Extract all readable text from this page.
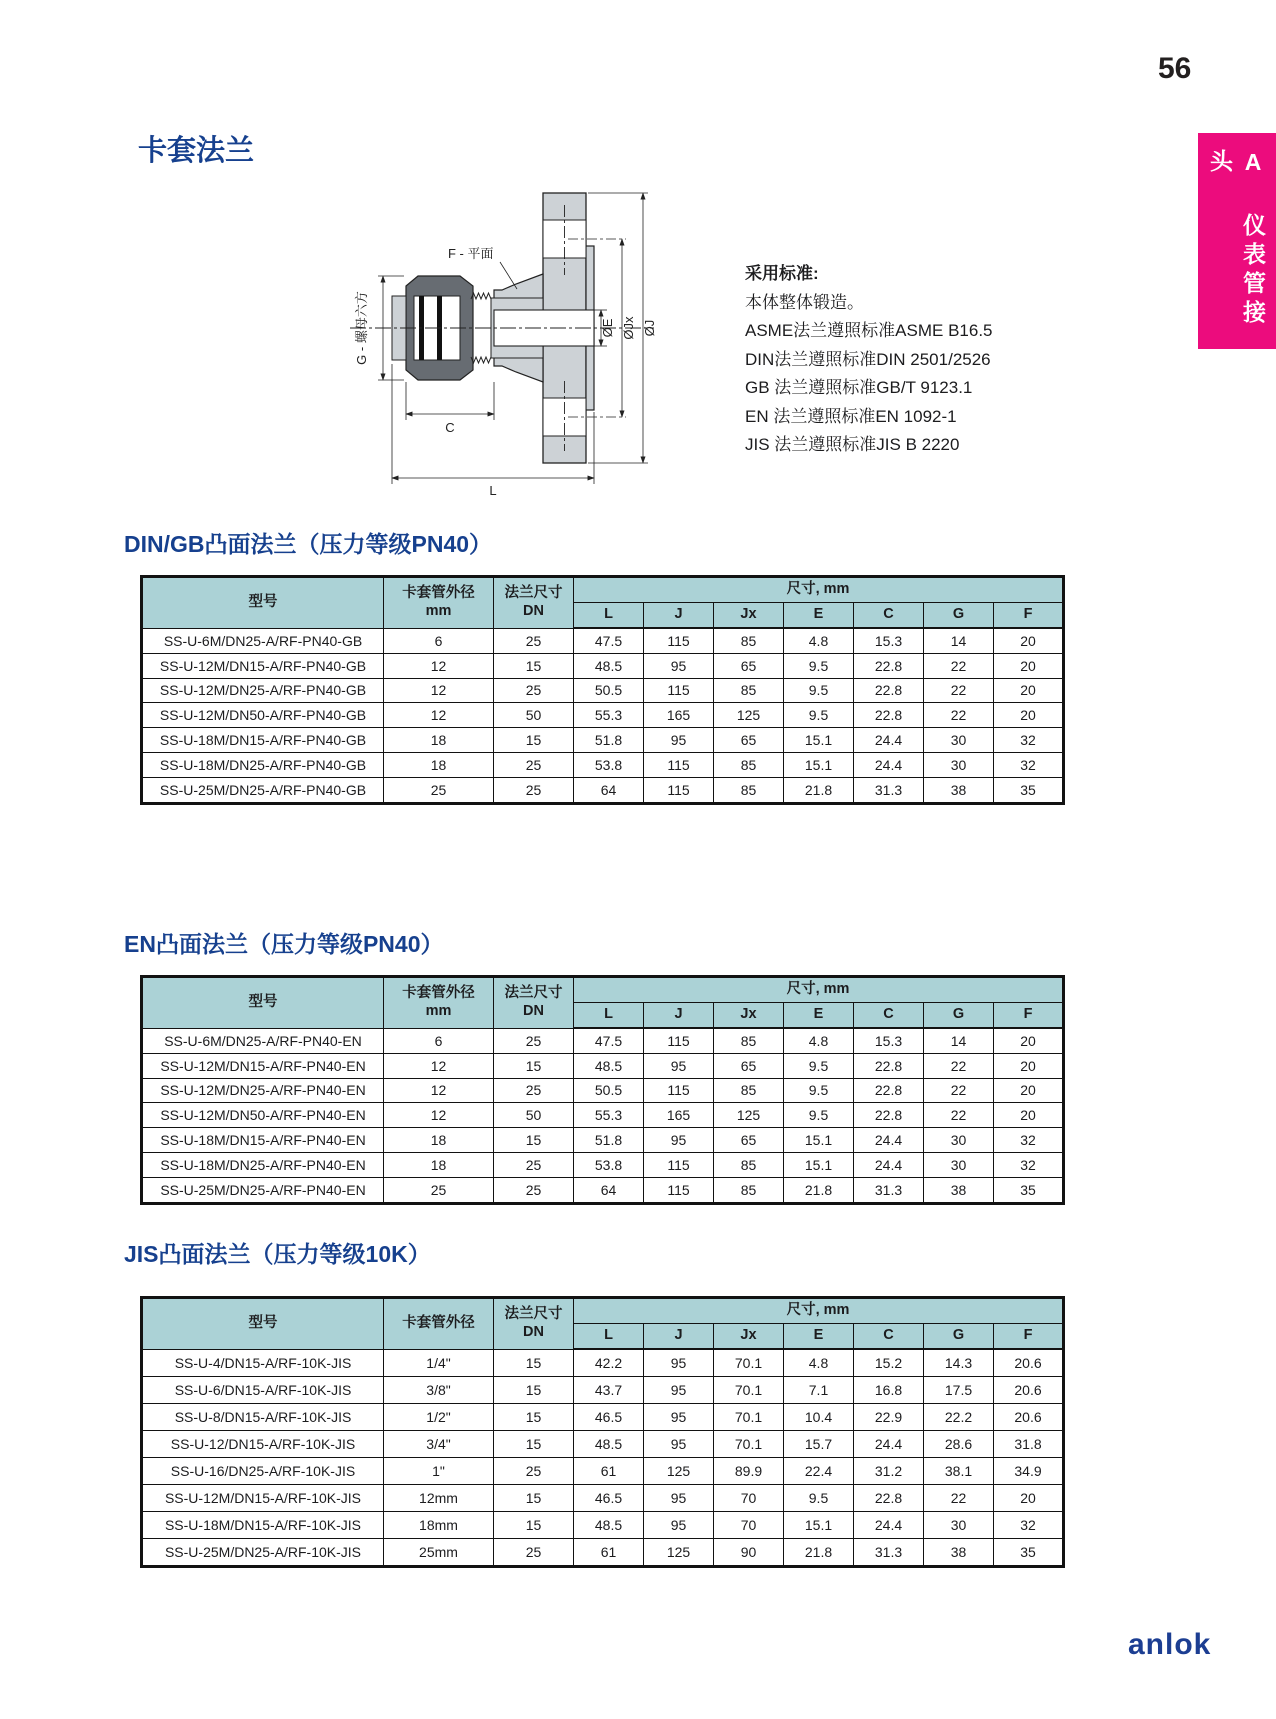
56
A 仪表管接头
卡套法兰
G - 螺母六方
C
F - 平面
ØE ØJx ØJ
L
采用标准:
本体整体锻造。
ASME法兰遵照标准ASME B16.5
DIN法兰遵照标准DIN 2501/2526
GB 法兰遵照标准GB/T 9123.1
EN 法兰遵照标准EN 1092-1
JIS 法兰遵照标准JIS B 2220
DIN/GB凸面法兰（压力等级PN40）
EN凸面法兰（压力等级PN40）
JIS凸面法兰（压力等级10K）
型号	
卡套管外径
mm

法兰尺寸
DN
	尺寸, mm
			L	J	Jx	E	C	G	F
SS-U-6M/DN25-A/RF-PN40-GB	6	25	47.5	115	85	4.8	15.3	14	20
SS-U-12M/DN15-A/RF-PN40-GB	12	15	48.5	95	65	9.5	22.8	22	20
SS-U-12M/DN25-A/RF-PN40-GB	12	25	50.5	115	85	9.5	22.8	22	20
SS-U-12M/DN50-A/RF-PN40-GB	12	50	55.3	165	125	9.5	22.8	22	20
SS-U-18M/DN15-A/RF-PN40-GB	18	15	51.8	95	65	15.1	24.4	30	32
SS-U-18M/DN25-A/RF-PN40-GB	18	25	53.8	115	85	15.1	24.4	30	32
SS-U-25M/DN25-A/RF-PN40-GB	25	25	64	115	85	21.8	31.3	38	35
型号	
卡套管外径
mm

法兰尺寸
DN
	尺寸, mm
			L	J	Jx	E	C	G	F
SS-U-6M/DN25-A/RF-PN40-EN	6	25	47.5	115	85	4.8	15.3	14	20
SS-U-12M/DN15-A/RF-PN40-EN	12	15	48.5	95	65	9.5	22.8	22	20
SS-U-12M/DN25-A/RF-PN40-EN	12	25	50.5	115	85	9.5	22.8	22	20
SS-U-12M/DN50-A/RF-PN40-EN	12	50	55.3	165	125	9.5	22.8	22	20
SS-U-18M/DN15-A/RF-PN40-EN	18	15	51.8	95	65	15.1	24.4	30	32
SS-U-18M/DN25-A/RF-PN40-EN	18	25	53.8	115	85	15.1	24.4	30	32
SS-U-25M/DN25-A/RF-PN40-EN	25	25	64	115	85	21.8	31.3	38	35
型号	卡套管外径	法兰尺寸
DN	尺寸, mm						
			L	J	Jx	E	C	G	F
SS-U-4/DN15-A/RF-10K-JIS	1/4"	15	42.2	95	70.1	4.8	15.2	14.3	20.6
SS-U-6/DN15-A/RF-10K-JIS	3/8"	15	43.7	95	70.1	7.1	16.8	17.5	20.6
SS-U-8/DN15-A/RF-10K-JIS	1/2"	15	46.5	95	70.1	10.4	22.9	22.2	20.6
SS-U-12/DN15-A/RF-10K-JIS	3/4"	15	48.5	95	70.1	15.7	24.4	28.6	31.8
SS-U-16/DN25-A/RF-10K-JIS	1"	25	61	125	89.9	22.4	31.2	38.1	34.9
SS-U-12M/DN15-A/RF-10K-JIS	12mm	15	46.5	95	70	9.5	22.8	22	20
SS-U-18M/DN15-A/RF-10K-JIS	18mm	15	48.5	95	70	15.1	24.4	30	32
SS-U-25M/DN25-A/RF-10K-JIS	25mm	25	61	125	90	21.8	31.3	38	35
anlok
